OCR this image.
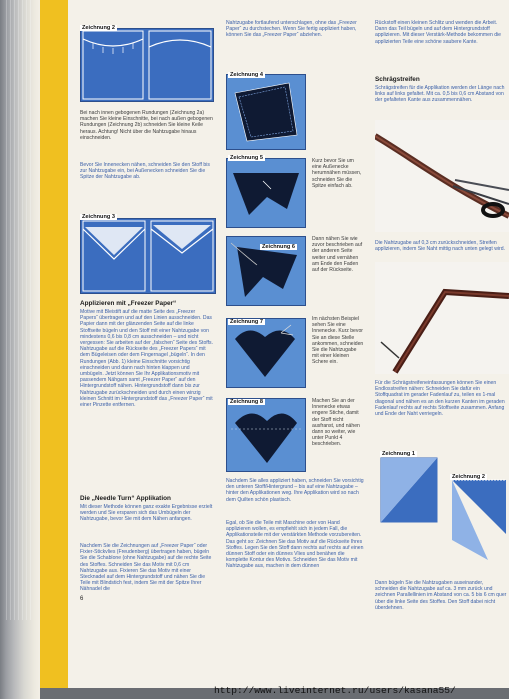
Zeichnung 2
Bei nach innen gebogenen Rundungen (Zeichnung 2a) machen Sie kleine Einschnitte, bei nach außen gebogenen Rundungen (Zeichnung 2b) schneiden Sie kleine Keile heraus. Achtung! Nicht über die Nahtzugabe hinaus einschneiden.
Bevor Sie Innenecken nähen, schneiden Sie den Stoff bis zur Nahtzugabe ein, bei Außenecken schneiden Sie die Spitze der Nahtzugabe ab.
Zeichnung 3
Applizieren mit „Freezer Paper“
Motive mit Bleistift auf die matte Seite des „Freezer Papers“ übertragen und auf den Linien ausschneiden. Das Papier dann mit der glänzenden Seite auf die linke Stoffseite bügeln und den Stoff mit einer Nahtzugabe von mindestens 0,6 bis 0,8 cm ausschneiden – und nicht vergessen: Sie arbeiten auf der „falschen“ Seite des Stoffs. Nahtzugabe auf die Rückseite des „Freezer Papers“ mit dem Bügeleisen oder dem Fingernagel „bügeln“. In den Rundungen (Abb. 1) kleine Einschnitte vorsichtig einschneiden und dann nach hinten klappen und umbügeln. Jetzt können Sie Ihr Applikationsmotiv mit passendem Nähgarn samt „Freezer Paper“ auf den Hintergrundstoff nähen. Hintergrundstoff dann bis zur Nahtzugabe zurückschneiden und durch einen winzig kleinen Schnitt im Hintergrundstoff das „Freezer Paper“ mit einer Pinzette entfernen.
Die „Needle Turn“ Applikation
Mit dieser Methode können ganz exakte Ergebnisse erzielt werden und Sie ersparen sich das Umbügeln der Nahtzugabe, bevor Sie mit dem Nähen anfangen.
Nachdem Sie die Zeichnungen auf „Freezer Paper“ oder Fixier-Stickvlies (Freudenberg) übertragen haben, bügeln Sie die Schablone (ohne Nahtzugabe) auf die rechte Seite des Stoffes. Schneiden Sie das Motiv mit 0,6 cm Nahtzugabe aus. Fixieren Sie das Motiv mit einer Stecknadel auf dem Hintergrundstoff und nähen Sie die Teile mit Blindstich fest, indem Sie mit der Spitze Ihrer Nähnadel die
Nahtzugabe fortlaufend unterschlagen, ohne das „Freezer Paper“ zu durchstechen. Wenn Sie fertig appliziert haben, können Sie das „Freezer Paper“ abziehen.
Zeichnung 4
Zeichnung 5	Kurz bevor Sie um eine Außenecke herumnähen müssen, schneiden Sie die Spitze einfach ab.
Zeichnung 6
Dann nähen Sie wie zuvor beschrieben auf der anderen Seite weiter und vernähen am Ende den Faden auf der Rückseite.
Zeichnung 7	Im nächsten Beispiel sehen Sie eine Innenecke. Kurz bevor Sie an diese Stelle ankommen, schneiden Sie die Nahtzugabe mit einer kleinen Schere ein.
Zeichnung 8	Machen Sie an der Innenecke etwas engere Stiche, damit der Stoff nicht ausfranst, und nähen dann so weiter, wie unter Punkt 4 beschrieben.
Nachdem Sie alles appliziert haben, schneiden Sie vorsichtig den unteren Stoff/Hintergrund – bis auf eine Nahtzugabe – hinter den Applikationen weg. Ihre Applikation wird so nach dem Quilten schön plastisch.
Egal, ob Sie die Teile mit Maschine oder von Hand applizieren wollen, es empfiehlt sich in jedem Fall, die Applikationsteile mit der verstärkten Methode vorzubereiten. Das geht so: Zeichnen Sie das Motiv auf die Rückseite Ihres Stoffes. Legen Sie den Stoff dann rechts auf rechts auf einen dünnen Stoff oder ein dünnes Vlies und benähen die komplette Kontur des Motivs. Schneiden Sie das Motiv mit Nahtzugabe aus, machen in dem dünnen
Rückstoff einen kleinen Schlitz und wenden die Arbeit. Dann das Teil bügeln und auf dem Hintergrundstoff applizieren. Mit dieser Verstärk-Methode bekommen die applizierten Teile eine schöne saubere Kante.
Schrägstreifen
Schrägstreifen für die Applikation werden der Länge nach links auf links gefaltet. Mit ca. 0,5 bis 0,6 cm Abstand von der gefalteten Kante aus zusammennähen.
Die Nahtzugabe auf 0,3 cm zurückschneiden, Streifen applizieren, indem Sie Naht mittig nach unten gelegt wird.
Für die Schrägstreifeneinfassungen können Sie einen Endlosstreifen nähen: Schneiden Sie dafür ein Stoffquadrat im gerader Fadenlauf zu, teilen es 1-mal diagonal und nähen es an den kurzen Kanten im geraden Fadenlauf rechts auf rechts Stoffseite zusammen. Anfang und Ende der Naht verriegeln.
Zeichnung 1
Zeichnung 2
Dann bügeln Sie die Nahtzugaben auseinander, schneiden die Nahtzugabe auf ca. 3 mm zurück und zeichnen Parallellinien im Abstand von ca. 5 bis 6 cm quer über die linke Seite des Stoffes. Den Stoff dabei nicht überdehnen.
6
http://www.liveinternet.ru/users/kasana55/
